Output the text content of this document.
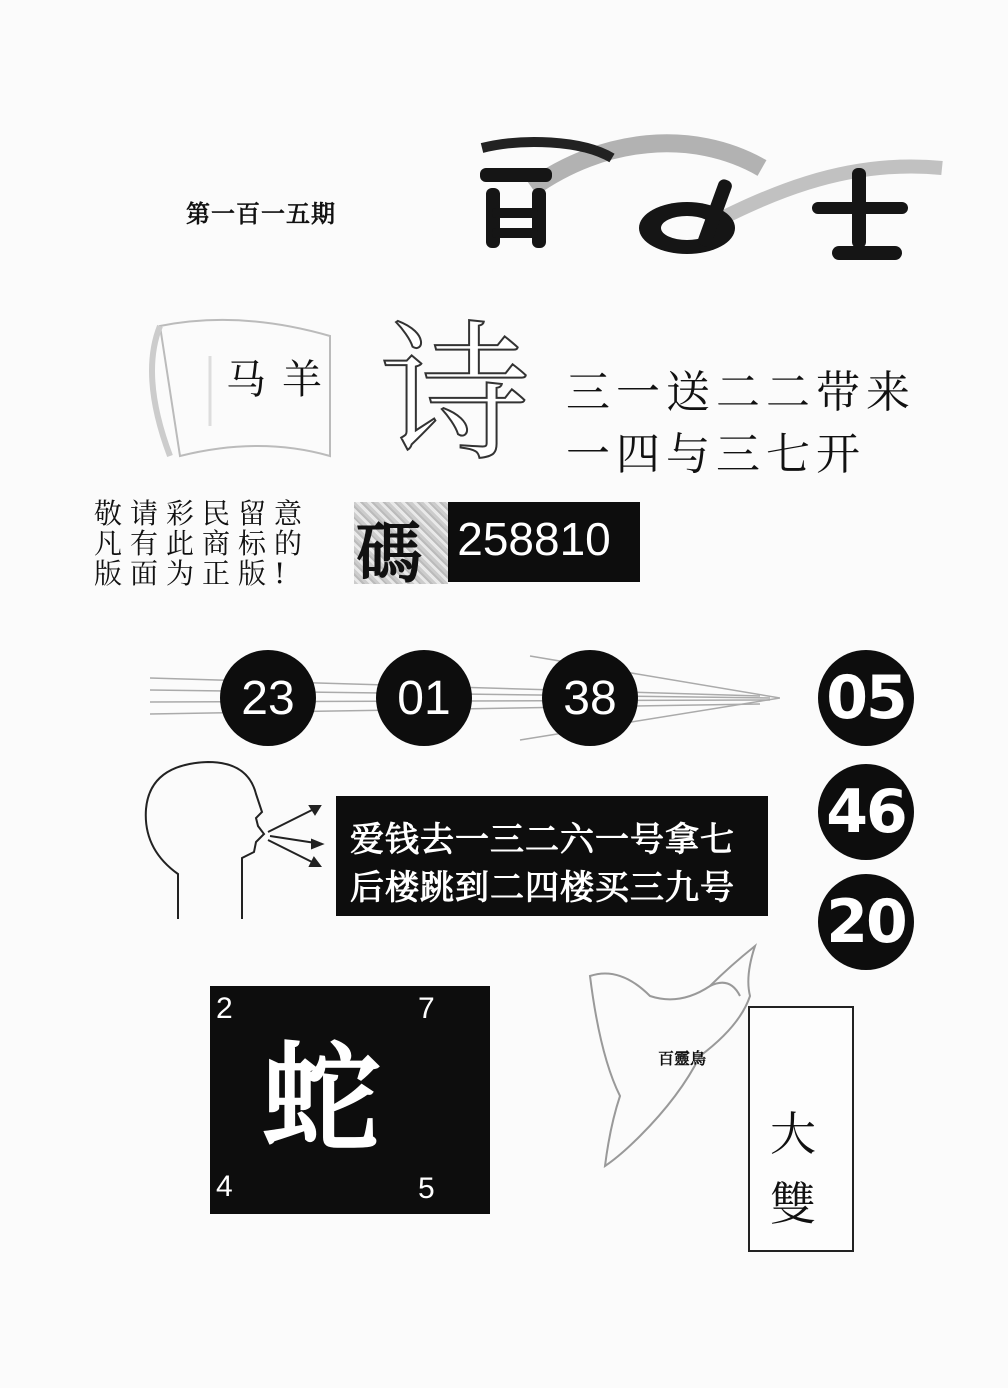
第一百一五期
雷女士
马羊 诗 三一送二二带来
一四与三七开
敬请彩民留意
凡有此商标的
版面为正版! 碼 258810
23	01	38	05
46
20
爱钱去一三二六一号拿七
后楼跳到二四楼买三九号
2	7
4	5
蛇	百靈鳥
大
雙
